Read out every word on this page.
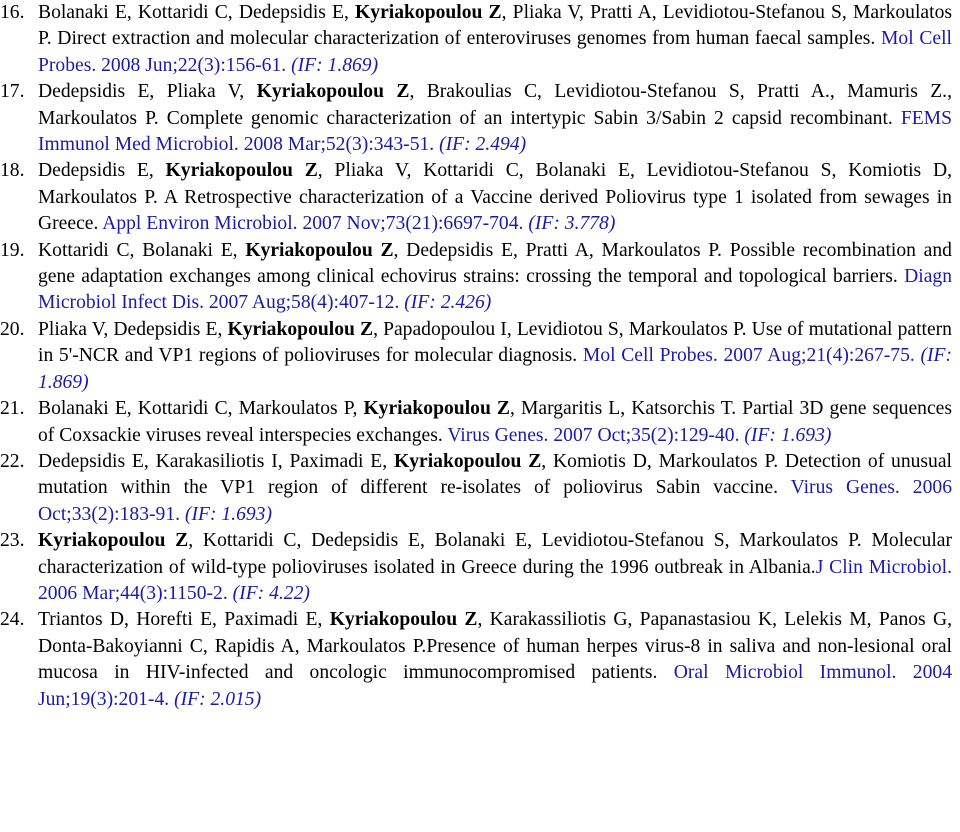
16. Bolanaki E, Kottaridi C, Dedepsidis E, Kyriakopoulou Z, Pliaka V, Pratti A, Levidiotou-Stefanou S, Markoulatos P. Direct extraction and molecular characterization of enteroviruses genomes from human faecal samples. Mol Cell Probes. 2008 Jun;22(3):156-61. (IF: 1.869)
17. Dedepsidis E, Pliaka V, Kyriakopoulou Z, Brakoulias C, Levidiotou-Stefanou S, Pratti A., Mamuris Z., Markoulatos P. Complete genomic characterization of an intertypic Sabin 3/Sabin 2 capsid recombinant. FEMS Immunol Med Microbiol. 2008 Mar;52(3):343-51. (IF: 2.494)
18. Dedepsidis E, Kyriakopoulou Z, Pliaka V, Kottaridi C, Bolanaki E, Levidiotou-Stefanou S, Komiotis D, Markoulatos P. A Retrospective characterization of a Vaccine derived Poliovirus type 1 isolated from sewages in Greece. Appl Environ Microbiol. 2007 Nov;73(21):6697-704. (IF: 3.778)
19. Kottaridi C, Bolanaki E, Kyriakopoulou Z, Dedepsidis E, Pratti A, Markoulatos P. Possible recombination and gene adaptation exchanges among clinical echovirus strains: crossing the temporal and topological barriers. Diagn Microbiol Infect Dis. 2007 Aug;58(4):407-12. (IF: 2.426)
20. Pliaka V, Dedepsidis E, Kyriakopoulou Z, Papadopoulou I, Levidiotou S, Markoulatos P. Use of mutational pattern in 5'-NCR and VP1 regions of polioviruses for molecular diagnosis. Mol Cell Probes. 2007 Aug;21(4):267-75. (IF: 1.869)
21. Bolanaki E, Kottaridi C, Markoulatos P, Kyriakopoulou Z, Margaritis L, Katsorchis T. Partial 3D gene sequences of Coxsackie viruses reveal interspecies exchanges. Virus Genes. 2007 Oct;35(2):129-40. (IF: 1.693)
22. Dedepsidis E, Karakasiliotis I, Paximadi E, Kyriakopoulou Z, Komiotis D, Markoulatos P. Detection of unusual mutation within the VP1 region of different re-isolates of poliovirus Sabin vaccine. Virus Genes. 2006 Oct;33(2):183-91. (IF: 1.693)
23. Kyriakopoulou Z, Kottaridi C, Dedepsidis E, Bolanaki E, Levidiotou-Stefanou S, Markoulatos P. Molecular characterization of wild-type polioviruses isolated in Greece during the 1996 outbreak in Albania.J Clin Microbiol. 2006 Mar;44(3):1150-2. (IF: 4.22)
24. Triantos D, Horefti E, Paximadi E, Kyriakopoulou Z, Karakassiliotis G, Papanastasiou K, Lelekis M, Panos G, Donta-Bakoyianni C, Rapidis A, Markoulatos P.Presence of human herpes virus-8 in saliva and non-lesional oral mucosa in HIV-infected and oncologic immunocompromised patients. Oral Microbiol Immunol. 2004 Jun;19(3):201-4. (IF: 2.015)
